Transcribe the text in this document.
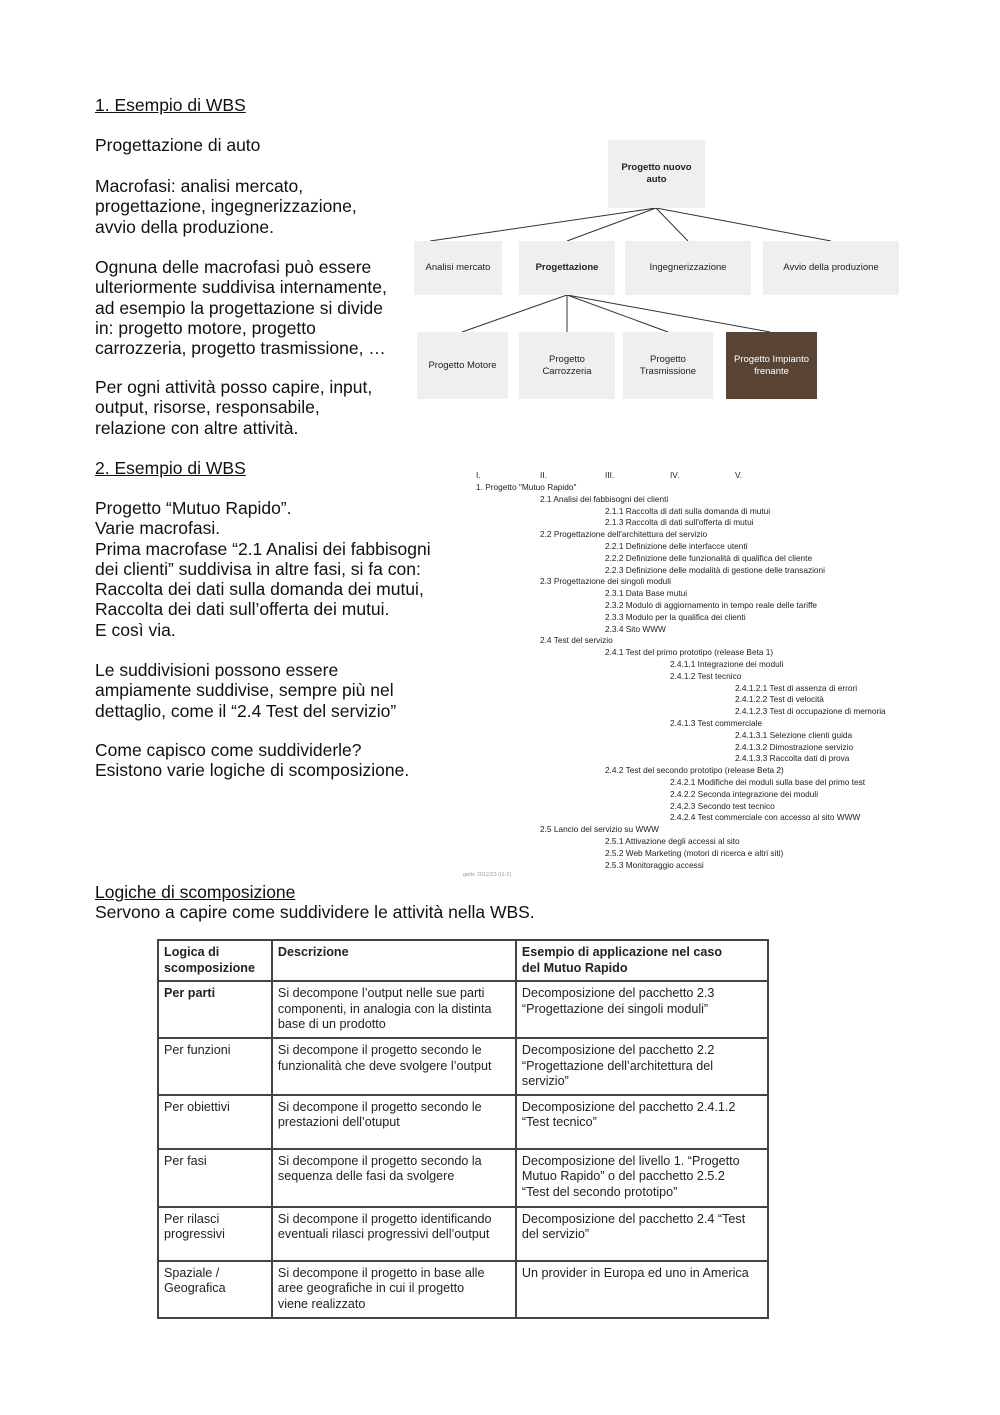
1. Esempio di WBS
Progettazione di auto
Macrofasi: analisi mercato,
progettazione, ingegnerizzazione,
avvio della produzione.
Ognuna delle macrofasi può essere
ulteriormente suddivisa internamente,
ad esempio la progettazione si divide
in: progetto motore, progetto
carrozzeria, progetto trasmissione, …
Per ogni attività posso capire, input,
output, risorse, responsabile,
relazione con altre attività.
Progetto nuovo
auto
Analisi mercato	Progettazione	Ingegnerizzazione	Avvio della produzione
Progetto Motore
Progetto
Carrozzeria
Progetto
Trasmissione
Progetto Impianto
frenante
2. Esempio di WBS
Progetto “Mutuo Rapido”.
Varie macrofasi.
Prima macrofase “2.1 Analisi dei fabbisogni
dei clienti” suddivisa in altre fasi, si fa con:
Raccolta dei dati sulla domanda dei mutui,
Raccolta dei dati sull’offerta dei mutui.
E così via.
Le suddivisioni possono essere
ampiamente suddivise, sempre più nel
dettaglio, come il “2.4 Test del servizio”
Come capisco come suddividerle?
Esistono varie logiche di scomposizione.
I.	II.	III.	IV.	V.
1. Progetto "Mutuo Rapido"
2.1 Analisi dei fabbisogni dei clienti
2.1.1 Raccolta di dati sulla domanda di mutui
2.1.3 Raccolta di dati sull'offerta di mutui
2.2 Progettazione dell'architettura del servizio
2.2.1 Definizione delle interfacce utenti
2.2.2 Definizione delle funzionalità di qualifica del cliente
2.2.3 Definizione delle modalità di gestione delle transazioni
2.3 Progettazione dei singoli moduli
2.3.1 Data Base mutui
2.3.2 Modulo di aggiornamento in tempo reale delle tariffe
2.3.3 Modulo per la qualifica dei clienti
2.3.4 Sito WWW
2.4 Test del servizio
2.4.1 Test del primo prototipo (release Beta 1)
2.4.1.1 Integrazione dei moduli
2.4.1.2 Test tecnico
2.4.1.2.1 Test di assenza di errori
2.4.1.2.2 Test di velocità
2.4.1.2.3 Test di occupazione di memoria
2.4.1.3 Test commerciale
2.4.1.3.1 Selezione clienti guida
2.4.1.3.2 Dimostrazione servizio
2.4.1.3.3 Raccolta dati di prova
2.4.2 Test del secondo prototipo (release Beta 2)
2.4.2.1 Modifiche dei moduli sulla base del primo test
2.4.2.2 Seconda integrazione dei moduli
2.4.2.3 Secondo test tecnico
2.4.2.4 Test commerciale con accesso al sito WWW
2.5 Lancio del servizio su WWW
2.5.1 Attivazione degli accessi al sito
2.5.2 Web Marketing (motori di ricerca e altri siti)
2.5.3 Monitoraggio accessi
getto 2012/23 (I1-2)
Logiche di scomposizione
Servono a capire come suddividere le attività nella WBS.
Logica di
scomposizione	Descrizione	Esempio di applicazione nel caso
del Mutuo Rapido
Per parti	Si decompone l’output nelle sue parti
componenti, in analogia con la distinta
base di un prodotto	Decomposizione del pacchetto 2.3
“Progettazione dei singoli moduli”
Per funzioni	Si decompone il progetto secondo le
funzionalità che deve svolgere l’output	Decomposizione del pacchetto 2.2
“Progettazione dell’architettura del
servizio”
Per obiettivi	Si decompone il progetto secondo le
prestazioni dell’otuput	Decomposizione del pacchetto 2.4.1.2
“Test tecnico”
Per fasi	Si decompone il progetto secondo la
sequenza delle fasi da svolgere	Decomposizione del livello 1. “Progetto
Mutuo Rapido” o del pacchetto 2.5.2
“Test del secondo prototipo”
Per rilasci
progressivi	Si decompone il progetto identificando
eventuali rilasci progressivi dell’output	Decomposizione del pacchetto 2.4 “Test
del servizio”
Spaziale /
Geografica	Si decompone il progetto in base alle
aree geografiche in cui il progetto
viene realizzato	Un provider in Europa ed uno in America
